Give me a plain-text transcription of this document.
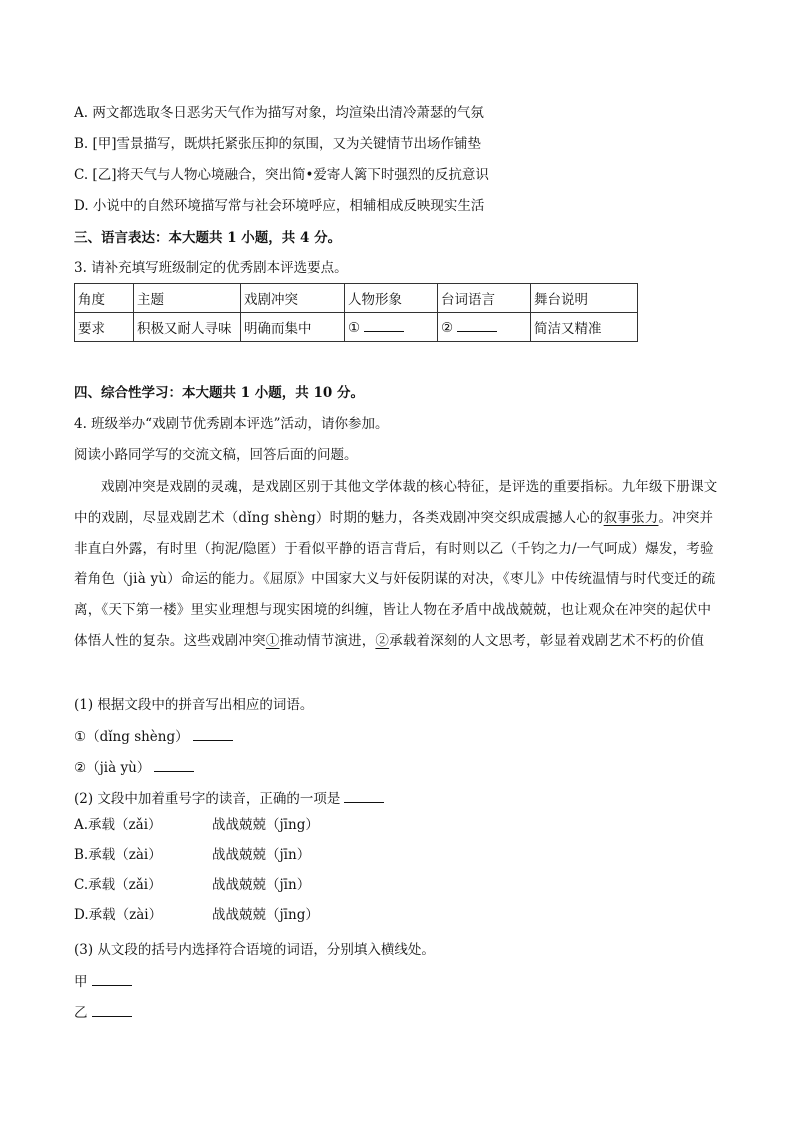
A. 两文都选取冬日恶劣天气作为描写对象，均渲染出清冷萧瑟的气氛
B. [甲]雪景描写，既烘托紧张压抑的氛围，又为关键情节出场作铺垫
C. [乙]将天气与人物心境融合，突出简•爱寄人篱下时强烈的反抗意识
D. 小说中的自然环境描写常与社会环境呼应，相辅相成反映现实生活
三、语言表达：本大题共 1 小题，共 4 分。
3. 请补充填写班级制定的优秀剧本评选要点。
角度	主题	戏剧冲突	人物形象	台词语言	舞台说明
要求	积极又耐人寻味	明确而集中	①	②	简洁又精准
四、综合性学习：本大题共 1 小题，共 10 分。
4. 班级举办“戏剧节优秀剧本评选”活动，请你参加。
阅读小路同学写的交流文稿，回答后面的问题。

戏剧冲突是戏剧的灵魂，是戏剧区别于其他文学体裁的核心特征，是评选的重要指标。九年级下册课文中的戏剧，尽显戏剧艺术（dǐng shèng）时期的魅力，各类戏剧冲突交织成震撼人心的叙事张力。冲突并非直白外露，有时里（拘泥/隐匿）于看似平静的语言背后，有时则以乙（千钧之力/一气呵成）爆发，考验着角色（jià yù）命运的能力。《屈原》中国家大义与奸佞阴谋的对决，《枣儿》中传统温情与时代变迁的疏离，《天下第一楼》里实业理想与现实困境的纠缠，皆让人物在矛盾中战战兢兢，也让观众在冲突的起伏中体悟人性的复杂。这些戏剧冲突①推动情节演进，②承载着深刻的人文思考，彰显着戏剧艺术不朽的价值

(1) 根据文段中的拼音写出相应的词语。
①（dǐng shèng）
②（jià yù）
(2) 文段中加着重号字的读音，正确的一项是
A.承载（zǎi）	战战兢兢（jīng）
B.承载（zài）	战战兢兢（jīn）
C.承载（zǎi）	战战兢兢（jīn）
D.承载（zài）	战战兢兢（jīng）
(3) 从文段的括号内选择符合语境的词语，分别填入横线处。
甲
乙
